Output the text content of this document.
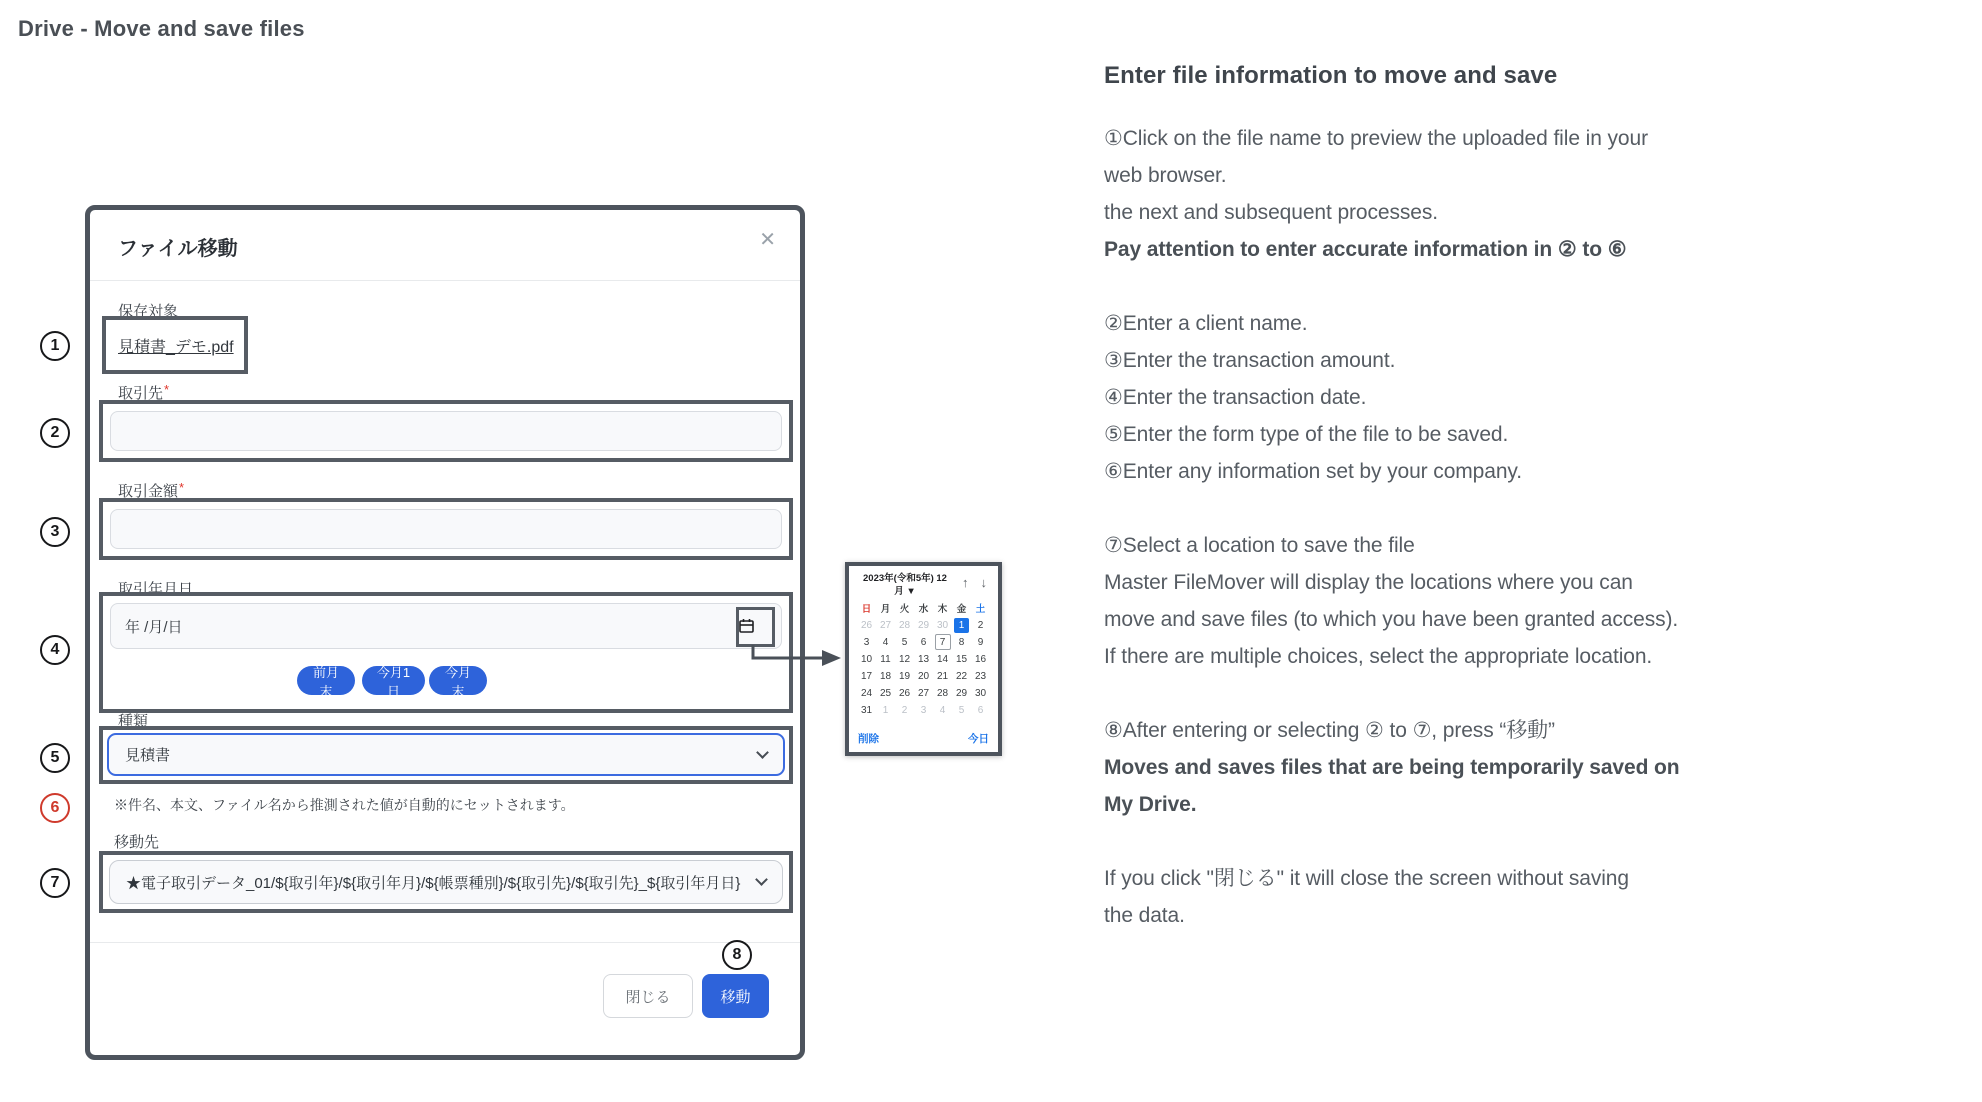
Drive - Move and save files
1
2
3
4
5
6
7
8
ファイル移動	✕
保存対象
見積書_デモ.pdf
取引先*
取引金額*
取引年月日
年 /月/日
前月末
今月1日
今月末
種類
見積書
※件名、本文、ファイル名から推測された値が自動的にセットされます。
移動先
★電子取引データ_01/${取引年}/${取引年月}/${帳票種別}/${取引先}/${取引先}_${取引年月日}
閉じる	移動
2023年(令和5年) 12
月 ▼
↑ ↓
日 月 火 水 木 金 土
26 27 28 29 30	1	2
3	4	5	6	7	8	9
10 11 12 13 14 15 16
17 18 19 20 21 22 23
24 25 26 27 28 29 30
31	1	2	3	4	5	6
削除	今日
Enter file information to move and save
①Click on the file name to preview the uploaded file in your
web browser.
the next and subsequent processes.
Pay attention to enter accurate information in ② to ⑥
②Enter a client name.
③Enter the transaction amount.
④Enter the transaction date.
⑤Enter the form type of the file to be saved.
⑥Enter any information set by your company.
⑦Select a location to save the file
Master FileMover will display the locations where you can
move and save files (to which you have been granted access).
If there are multiple choices, select the appropriate location.
⑧After entering or selecting ② to ⑦, press “移動”
Moves and saves files that are being temporarily saved on
My Drive.
If you click "閉じる" it will close the screen without saving
the data.
